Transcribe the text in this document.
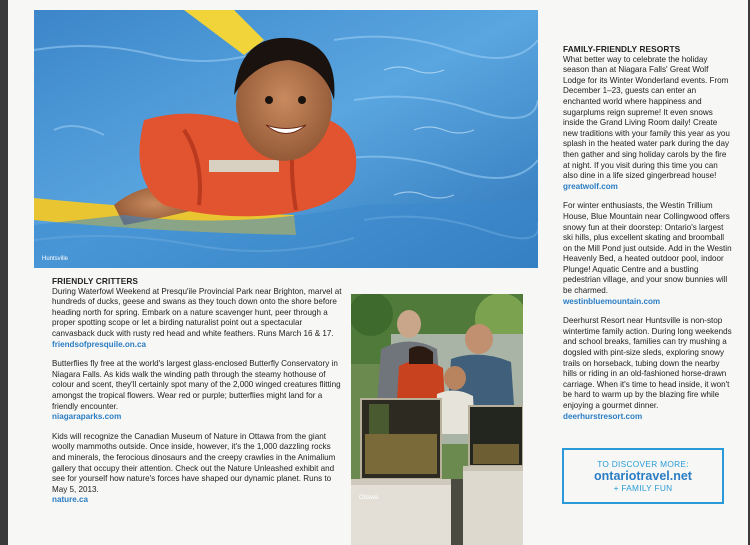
Huntsville
FRIENDLY CRITTERS

During Waterfowl Weekend at Presqu'ile Provincial Park near Brighton, marvel at hundreds of ducks, geese and swans as they touch down onto the shore before heading north for spring. Embark on a nature scavenger hunt, peer through a proper spotting scope or let a birding naturalist point out a spectacular canvasback duck with rusty red head and white feathers. Runs March 16 & 17.

friendsofpresquile.on.ca

Butterflies fly free at the world's largest glass-enclosed Butterfly Conservatory in Niagara Falls. As kids walk the winding path through the steamy hothouse of colour and scent, they'll certainly spot many of the 2,000 winged creatures flitting amongst the tropical flowers. Wear red or purple; butterflies might land for a friendly encounter.

niagaraparks.com

Kids will recognize the Canadian Museum of Nature in Ottawa from the giant woolly mammoths outside. Once inside, however, it's the 1,000 dazzling rocks and minerals, the ferocious dinosaurs and the creepy crawlies in the Animalium gallery that occupy their attention. Check out the Nature Unleashed exhibit and see for yourself how nature's forces have shaped our dynamic planet. Runs to May 5, 2013.

nature.ca	Ottawa
FAMILY-FRIENDLY RESORTS

What better way to celebrate the holiday season than at Niagara Falls' Great Wolf Lodge for its Winter Wonderland events. From December 1–23, guests can enter an enchanted world where happiness and sugarplums reign supreme! It even snows inside the Grand Living Room daily! Create new traditions with your family this year as you splash in the heated water park during the day then gather and sing holiday carols by the fire at night. If you visit during this time you can also dine in a life sized gingerbread house!

greatwolf.com

For winter enthusiasts, the Westin Trillium House, Blue Mountain near Collingwood offers snowy fun at their doorstep: Ontario's largest ski hills, plus excellent skating and broomball on the Mill Pond just outside. Add in the Westin Heavenly Bed, a heated outdoor pool, indoor Plunge! Aquatic Centre and a bustling pedestrian village, and your snow bunnies will be charmed.

westinbluemountain.com

Deerhurst Resort near Huntsville is non-stop wintertime family action. During long weekends and school breaks, families can try mushing a dogsled with pint-size sleds, exploring snowy trails on horseback, tubing down the nearby hills or riding in an old-fashioned horse-drawn carriage. When it's time to head inside, it won't be hard to warm up by the blazing fire while enjoying a gourmet dinner.

deerhurstresort.com
TO DISCOVER MORE:
ontariotravel.net
+ FAMILY FUN
